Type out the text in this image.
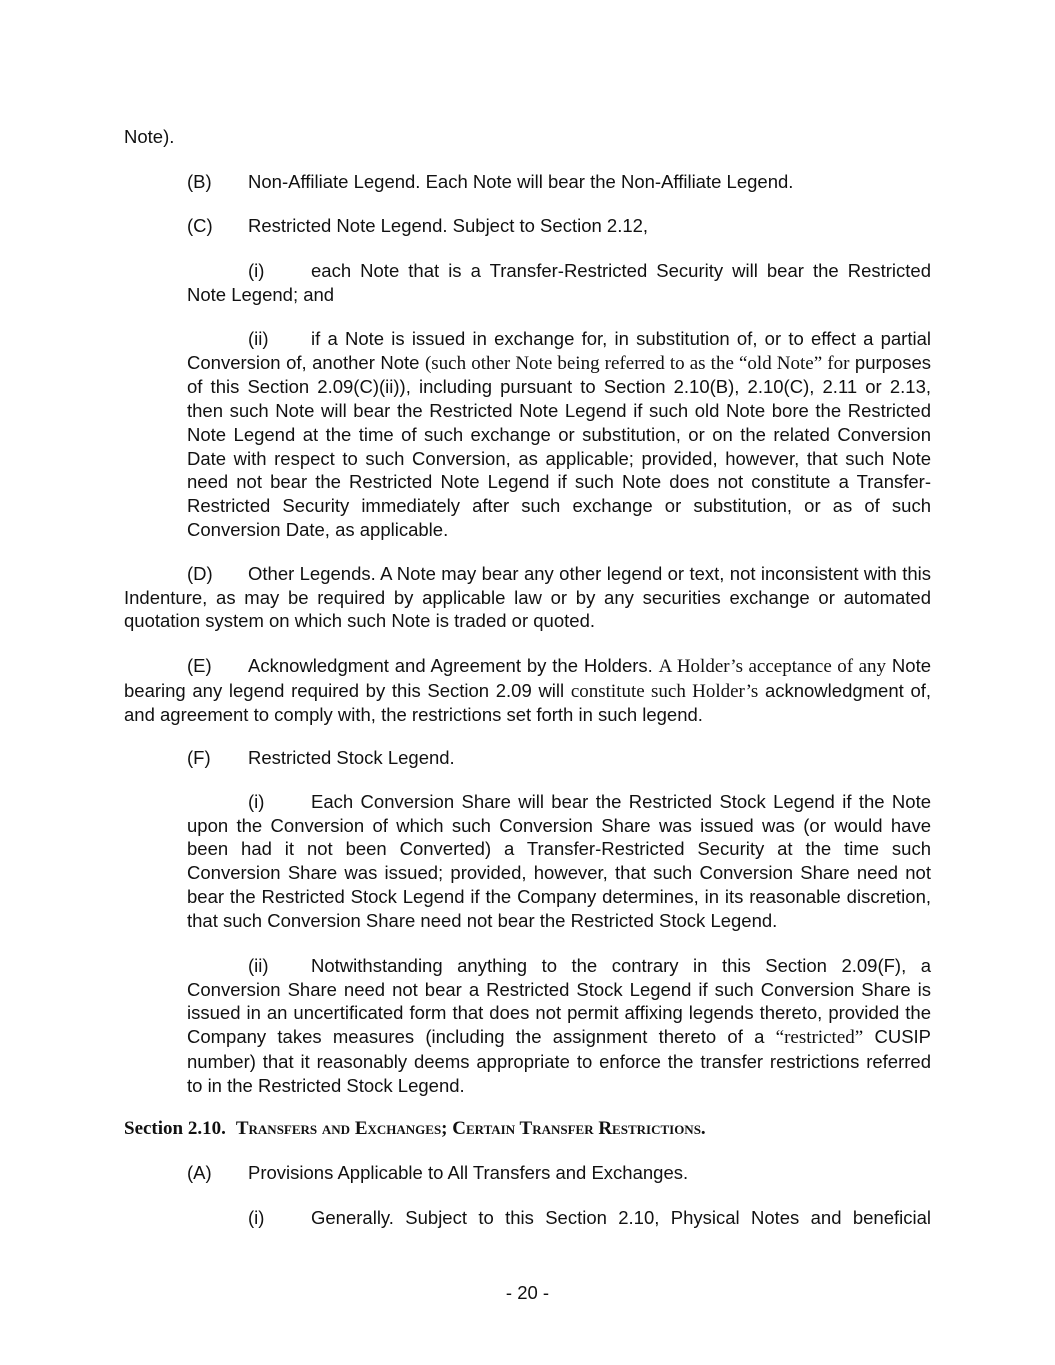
Note).

(B) Non-Affiliate Legend. Each Note will bear the Non-Affiliate Legend.

(C) Restricted Note Legend. Subject to Section 2.12,

(i)	each Note that is a Transfer-Restricted Security will bear the Restricted Note Legend; and

(ii) if a Note is issued in exchange for, in substitution of, or to effect a partial Conversion of, another Note (such other Note being referred to as the “old Note” for purposes of this Section 2.09(C)(ii)), including pursuant to Section 2.10(B), 2.10(C), 2.11 or 2.13, then such Note will bear the Restricted Note Legend if such old Note bore the Restricted Note Legend at the time of such exchange or substitution, or on the related Conversion Date with respect to such Conversion, as applicable; provided, however, that such Note need not bear the Restricted Note Legend if such Note does not constitute a Transfer-Restricted Security immediately after such exchange or substitution, or as of such Conversion Date, as applicable.

(D) Other Legends. A Note may bear any other legend or text, not inconsistent with this Indenture, as may be required by applicable law or by any securities exchange or automated quotation system on which such Note is traded or quoted.

(E) Acknowledgment and Agreement by the Holders. A Holder’s acceptance of any Note bearing any legend required by this Section 2.09 will constitute such Holder’s acknowledgment of, and agreement to comply with, the restrictions set forth in such legend.

(F) Restricted Stock Legend.

(i)	Each Conversion Share will bear the Restricted Stock Legend if the Note upon the Conversion of which such Conversion Share was issued was (or would have been had it not been Converted) a Transfer-Restricted Security at the time such Conversion Share was issued; provided, however, that such Conversion Share need not bear the Restricted Stock Legend if the Company determines, in its reasonable discretion, that such Conversion Share need not bear the Restricted Stock Legend.

(ii) Notwithstanding anything to the contrary in this Section 2.09(F), a Conversion Share need not bear a Restricted Stock Legend if such Conversion Share is issued in an uncertificated form that does not permit affixing legends thereto, provided the Company takes measures (including the assignment thereto of a “restricted” CUSIP number) that it reasonably deems appropriate to enforce the transfer restrictions referred to in the Restricted Stock Legend.

Section 2.10. Transfers and Exchanges; Certain Transfer Restrictions.

(A) Provisions Applicable to All Transfers and Exchanges.

(i)	Generally. Subject to this Section 2.10, Physical Notes and beneficial

- 20 -
